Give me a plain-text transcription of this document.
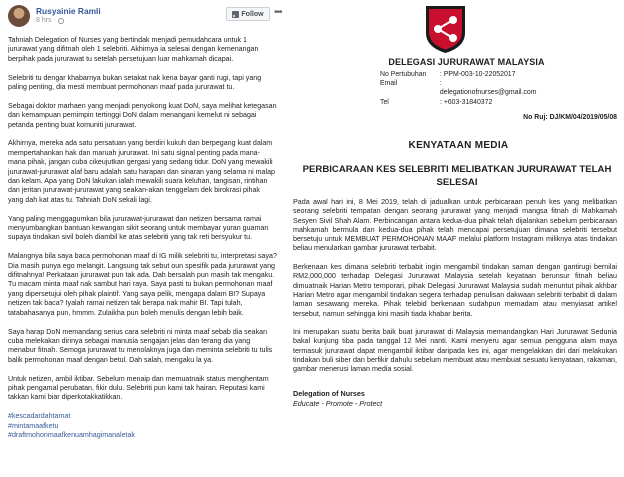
Rusyainie Ramli
8 hrs ·
Follow •••

Tahniah Delegation of Nurses yang bertindak menjadi pemudahcara untuk 1 jururawat yang difitnah oleh 1 selebriti. Akhirnya ia selesai dengan kemenangan berpihak pada jururawat tu setelah persetujuan luar mahkamah dicapai.

Selebriti tu dengar khabarnya bukan setakat nak kena bayar ganti rugi, tapi yang paling penting, dia mesti membuat permohonan maaf pada jururawat tu.

Sebagai doktor marhaen yang menjadi penyokong kuat DoN, saya melihat ketegasan dan kemampuan pemimpin tertinggi DoN dalam menangani kemelut ni sebagai petanda penting buat komuniti jururawat.

Akhirnya, mereka ada satu persatuan yang berdiri kukuh dan berpegang kuat dalam mempertahankan hak dan maruah jururawat. Ini satu signal penting pada mana-mana pihak, jangan cuba cikeujutkan gergasi yang sedang tidur. DoN yang mewakili jururawat-jururawat alaf baru adalah satu harapan dan sinaran yang selama ni malap dan kelam. Apa yang DoN lakukan ialah mewakili suara keluhan, tangisan, rintihan dan jeritan jururawat-jururawat yang seakan-akan tenggelam dek birokrasi pihak yang dah kat atas tu. Tahniah DoN sekali lagi.

Yang paling menggagumkan bila jururawat-jururawat dan netizen bersama ramai menyumbangkan bantuan kewangan sikit seorang untuk membayar yuran guaman supaya tindakan sivil boleh diambil ke atas selebriti yang tak reti bersyukur tu.

Malangnya bila saya baca permohonan maaf di IG milik selebriti tu, interpretasi saya? Dia masih punya ego melangit. Langsung tak sebut oun spesifik pada jururawat yang difitnahnya! Perkataan jururawat pun tak ada. Dah bersalah pun masih tak mengaku. Tu macam minta maaf nak sambut hari raya. Saya pasti tu bukan permohonan maaf yang dipersetujui oleh pihak plaintif. Yang saya pelik, mengapa dalam BI? Supaya netizen tak baca? Iyalah ramai netizen tak berapa nak mahir BI. Tapi tulah, tatabahasanya pun, hmmm. Zulaikha pun boleh menulis dengan lebih baik.

Saya harap DoN memandang serius cara selebriti ni minta maaf sebab dia seakan cuba melekakan dirinya sebagai manusia sengajan jelas dan terang dia yang menabur fitnah. Semoga jururawat tu menolaknya juga dan meminta selebriti tu tulis balik permohonan maaf dengan betul. Dah salah, mengaku la ya.

Untuk netizen, ambil iktibar. Sebelum menaip dan memuatnaik status menghentam pihak pengamal perubatan, fikir dulu. Selebriti pun kami tak hairan. Reputasi kami takkan kami biar diperkotakkatikkan.

#kescadardahtamat
#mintamaafketu
#draftmohonmaafkenuamhagimanaletak
DELEGASI JURURAWAT MALAYSIA
No Pertubuhan	: PPM-003-10-22052017
Email	: delegationofnurses@gmail.com
Tel	: +603-31840372
No Ruj: DJ/KM/04/2019/05/08
KENYATAAN MEDIA
PERBICARAAN KES SELEBRITI MELIBATKAN JURURAWAT TELAH SELESAI

Pada awal hari ini, 8 Mei 2019, telah di jadualkan untuk perbicaraan penuh kes yang melibatkan seorang selebriti tempatan dengan seorang jururawat yang menjadi mangsa fitnah di Mahkamah Sesyen Sivil Shah Alam. Perbincangan antara kedua-dua pihak telah dijalankan sebelum perbicaraan mahkamah bermula dan kedua-dua pihak telah mencapai persetujuan dimana selebriti tersebut bersetuju untuk MEMBUAT PERMOHONAN MAAF melalui platform Instagram miliknya atas tindakan beliau menularkan gambar jururawat terbabit.

Berkenaan kes dimana selebriti terbabit ingin mengambil tindakan saman dengan gantirugi bernilai RM2,000,000 terhadap Delegasi Jururawat Malaysia setelah keyataan berunsur fitnah beliau dimuatnaik Harian Metro temporari, pihak Delegasi Jururawat Malaysia sudah menuntut pihak akhbar Harian Metro agar mengambil tindakan segera terhadap penulisan dakwaan selebriti terbabit di dalam laman sesawang mereka. Pihak telebid berkenaan sudahpun memadam atau menyiasat artikel tersebut, namun sehingga kini masih tiada khabar berita.

Ini merupakan suatu berita baik buat jururawat di Malaysia memandangkan Hari Jururawat Sedunia bakal kunjung tiba pada tanggal 12 Mei nanti. Kami menyeru agar semua pengguna alam maya termasuk jururawat dapat mengambil iktibar daripada kes ini, agar mengelakkan diri dari melakukan tindakan buli siber dan berfikir dahulu sebelum membuat atau membuat sesuatu kenyataan, rakaman, gambar menerusi laman media sosial.

Delegation of Nurses
Educate - Promote - Protect
